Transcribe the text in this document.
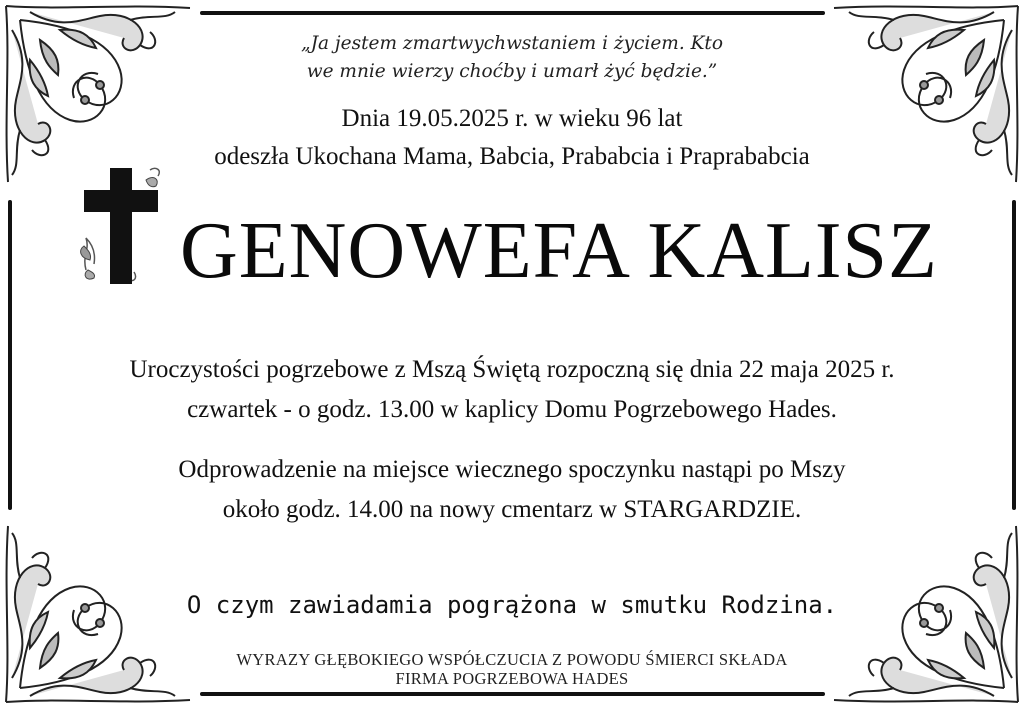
„Ja jestem zmartwychwstaniem i życiem. Kto
we mnie wierzy choćby i umarł żyć będzie.”
Dnia 19.05.2025 r. w wieku 96 lat
odeszła Ukochana Mama, Babcia, Prababcia i Praprababcia
GENOWEFA KALISZ
Uroczystości pogrzebowe z Mszą Świętą rozpoczną się dnia 22 maja 2025 r.
czwartek - o godz. 13.00 w kaplicy Domu Pogrzebowego Hades.
Odprowadzenie na miejsce wiecznego spoczynku nastąpi po Mszy
około godz. 14.00 na nowy cmentarz w STARGARDZIE.
O czym zawiadamia pogrążona w smutku Rodzina.
WYRAZY GŁĘBOKIEGO WSPÓŁCZUCIA Z POWODU ŚMIERCI SKŁADA
FIRMA POGRZEBOWA HADES
